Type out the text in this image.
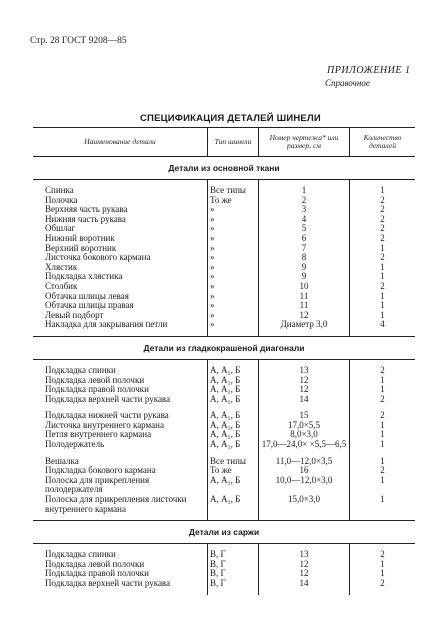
Стр. 28 ГОСТ 9208—85
ПРИЛОЖЕНИЕ 1
Справочное
СПЕЦИФИКАЦИЯ ДЕТАЛЕЙ ШИНЕЛИ
Наименование детали	Тип шинели	Номер чертежа* или размер, см	Количество деталей
Детали из основной ткани			
Спинка	Все типы	1	1
Полочка	То же	2	2
Верхняя часть рукава	»	3	2
Нижняя часть рукава	»	4	2
Обшлаг	»	5	2
Нижний воротник	»	6	2
Верхний воротник	»	7	1
Листочка бокового кармана	»	8	2
Хлястик	»	9	1
Подкладка хлястика	»	9	1
Столбик	»	10	2
Обтачка шлицы левая	»	11	1
Обтачка шлицы правая	»	11	1
Левый подборт	»	12	1
Накладка для закрывания петли	»	Диаметр 3,0	4
Детали из гладкокрашеной диагонали			
Подкладка спинки	А, А₁, Б	13	2
Подкладка левой полочки	А, А₁, Б	12	1
Подкладка правой полочки	А, А₁, Б	12	1
Подкладка верхней части рукава	А, А₁, Б	14	2
Подкладка нижней части рукава	А, А₁, Б	15	2
Листочка внутреннего кармана	А, А₁, Б	17,0×5,5	1
Петля внутреннего кармана	А, А₁, Б	8,0×3,0	1
Полодержатель	А, А₁, Б	17,0—24,0× ×5,5—6,5	1
Вешалка	Все типы	11,0—12,0×3,5	1
Подкладка бокового кармана	То же	16	2
Полоска для прикрепления полодержателя	А, А₁, Б	10,0—12,0×3,0	1
Полоска для прикрепления листочки внутреннего кармана	А, А₁, Б	15,0×3,0	1
Детали из саржи			
Подкладка спинки	В, Г	13	2
Подкладка левой полочки	В, Г	12	1
Подкладка правой полочки	В, Г	12	1
Подкладка верхней части рукава	В, Г	14	2
